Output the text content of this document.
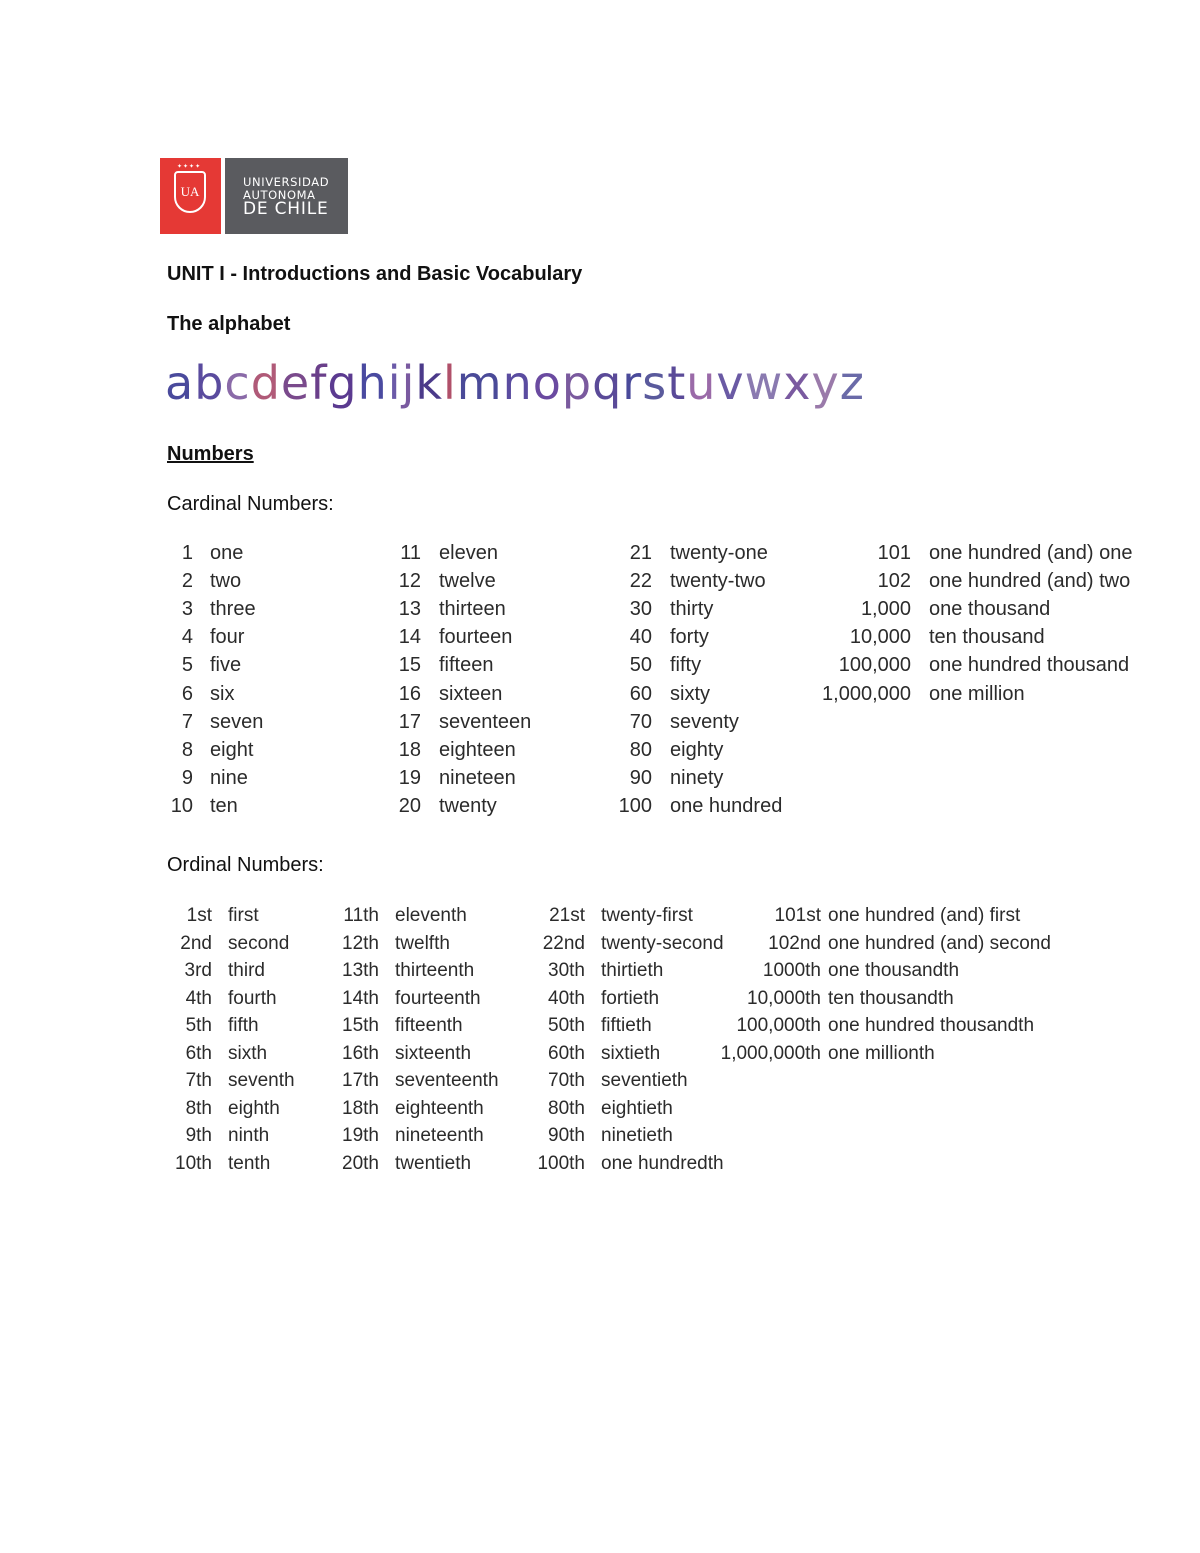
✦✦✦✦
UA
UNIVERSIDAD
AUTONOMA
DE CHILE
UNIT I - Introductions and Basic Vocabulary
The alphabet
abcdefghijklmnopqrstuvwxyz
Numbers
Cardinal Numbers:
1 one
2 two
3 three
4 four
5 five
6 six
7 seven
8 eight
9 nine
10 ten
11 eleven
12 twelve
13 thirteen
14 fourteen
15 fifteen
16 sixteen
17 seventeen
18 eighteen
19 nineteen
20 twenty
21 twenty-one
22 twenty-two
30 thirty
40 forty
50 fifty
60 sixty
70 seventy
80 eighty
90 ninety
100 one hundred
101 one hundred (and) one
102 one hundred (and) two
1,000 one thousand
10,000 ten thousand
100,000 one hundred thousand
1,000,000 one million
Ordinal Numbers:
1st first
2nd second
3rd third
4th fourth
5th fifth
6th sixth
7th seventh
8th eighth
9th ninth
10th tenth
11th eleventh
12th twelfth
13th thirteenth
14th fourteenth
15th fifteenth
16th sixteenth
17th seventeenth
18th eighteenth
19th nineteenth
20th twentieth
21st twenty-first
22nd twenty-second
30th thirtieth
40th fortieth
50th fiftieth
60th sixtieth
70th seventieth
80th eightieth
90th ninetieth
100th one hundredth
101st one hundred (and) first
102nd one hundred (and) second
1000th one thousandth
10,000th ten thousandth
100,000th one hundred thousandth
1,000,000th one millionth
